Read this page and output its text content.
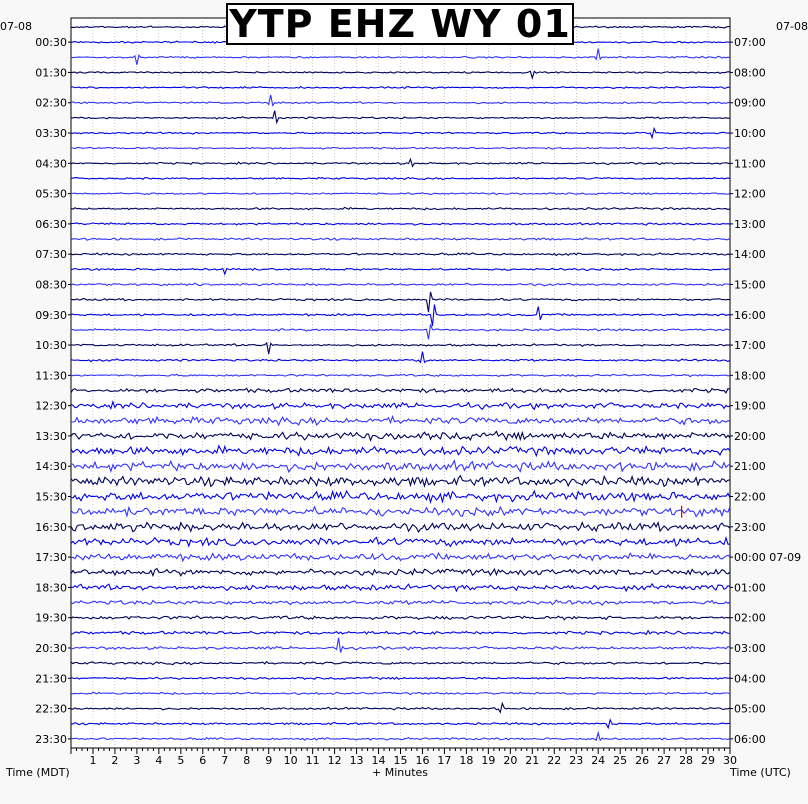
1 2 3 4 5 6 7 8 9 10 11 12 13 14 15 16 17 18 19 20 21 22 23 24 25 26 27 28 29 30
00:30
01:30
02:30
03:30
04:30
05:30
06:30
07:30
08:30
09:30
10:30
11:30
12:30
13:30
14:30
15:30
16:30
17:30
18:30
19:30
20:30
21:30
22:30
23:30
07:00
08:00
09:00
10:00
11:00
12:00
13:00
14:00
15:00
16:00
17:00
18:00
19:00
20:00
21:00
22:00
23:00
00:00 07-09
01:00
02:00
03:00
04:00
05:00
06:00
YTP EHZ WY 01
07-08	07-08
Time (MDT)	+ Minutes	Time (UTC)
